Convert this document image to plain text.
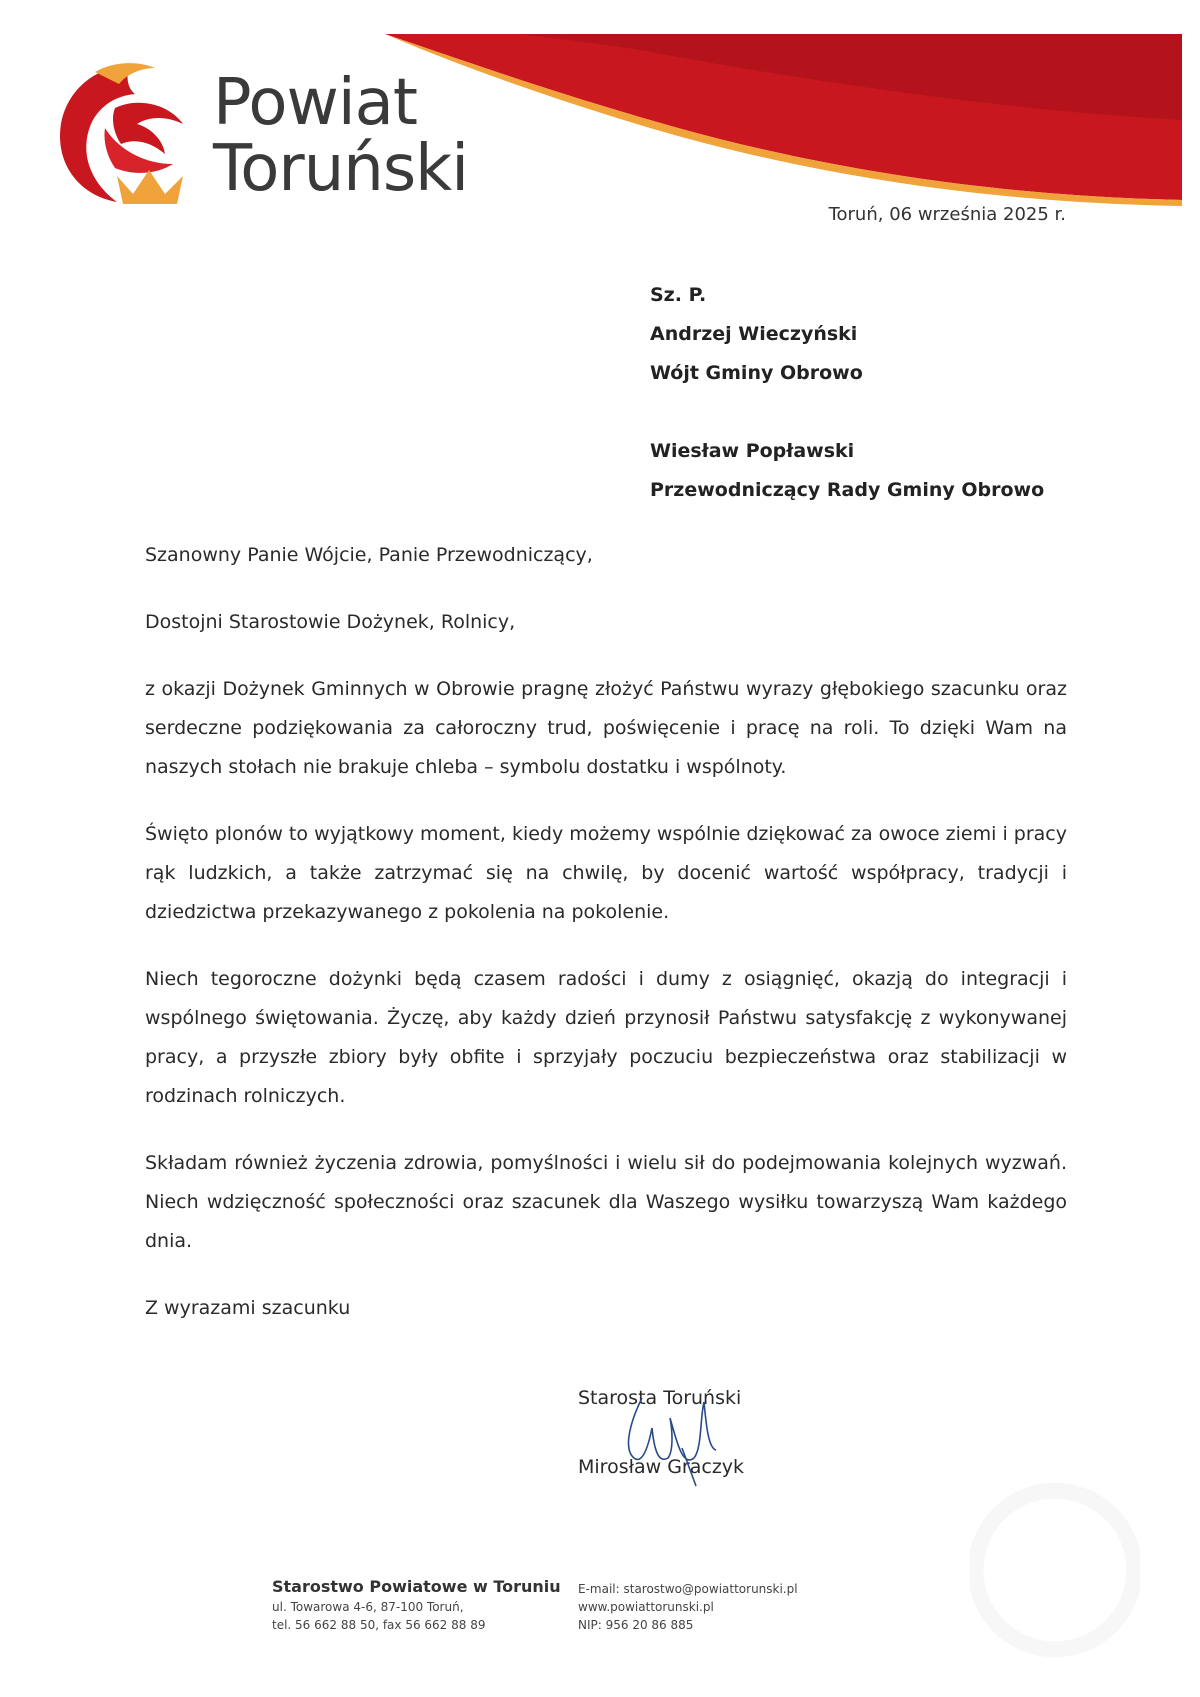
Powiat
Toruński
Toruń, 06 września 2025 r.
Sz. P.
Andrzej Wieczyński
Wójt Gminy Obrowo
Wiesław Popławski
Przewodniczący Rady Gminy Obrowo

Szanowny Panie Wójcie, Panie Przewodniczący,

Dostojni Starostowie Dożynek, Rolnicy,

z okazji Dożynek Gminnych w Obrowie pragnę złożyć Państwu wyrazy głębokiego szacunku oraz serdeczne podziękowania za całoroczny trud, poświęcenie i pracę na roli. To dzięki Wam na naszych stołach nie brakuje chleba – symbolu dostatku i wspólnoty.

Święto plonów to wyjątkowy moment, kiedy możemy wspólnie dziękować za owoce ziemi i pracy rąk ludzkich, a także zatrzymać się na chwilę, by docenić wartość współpracy, tradycji i dziedzictwa przekazywanego z pokolenia na pokolenie.

Niech tegoroczne dożynki będą czasem radości i dumy z osiągnięć, okazją do integracji i wspólnego świętowania. Życzę, aby każdy dzień przynosił Państwu satysfakcję z wykonywanej pracy, a przyszłe zbiory były obfite i sprzyjały poczuciu bezpieczeństwa oraz stabilizacji w rodzinach rolniczych.

Składam również życzenia zdrowia, pomyślności i wielu sił do podejmowania kolejnych wyzwań. Niech wdzięczność społeczności oraz szacunek dla Waszego wysiłku towarzyszą Wam każdego dnia.

Z wyrazami szacunku

Starosta Toruński
Mirosław Graczyk
Starostwo Powiatowe w Toruniu
ul. Towarowa 4-6, 87-100 Toruń,
tel. 56 662 88 50, fax 56 662 88 89
E-mail: starostwo@powiattorunski.pl
www.powiattorunski.pl
NIP: 956 20 86 885
